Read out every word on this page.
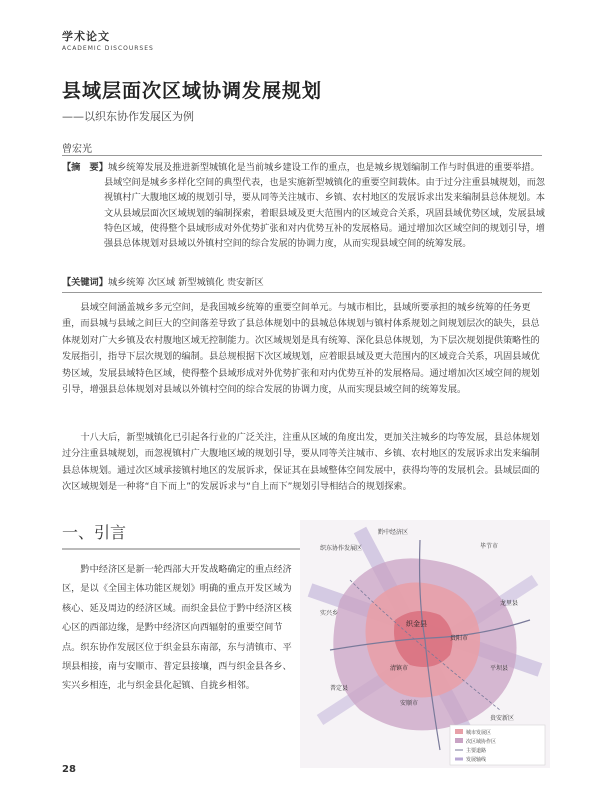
学术论文
ACADEMIC DISCOURSES
县域层面次区域协调发展规划
——以织东协作发展区为例
曾宏光

【摘　要】城乡统筹发展及推进新型城镇化是当前城乡建设工作的重点，也是城乡规划编制工作与时俱进的重要举措。

县域空间是城乡多样化空间的典型代表，也是实施新型城镇化的重要空间载体。由于过分注重县城规划，而忽

视镇村广大腹地区域的规划引导，要从同等关注城市、乡镇、农村地区的发展诉求出发来编制县总体规划。本

文从县域层面次区域规划的编制探索，着眼县域及更大范围内的区域竞合关系，巩固县域优势区域，发展县域

特色区域，使得整个县域形成对外优势扩张和对内优势互补的发展格局。通过增加次区域空间的规划引导，增

强县总体规划对县域以外镇村空间的综合发展的协调力度，从而实现县域空间的统筹发展。

【关键词】城乡统筹 次区域 新型城镇化 贵安新区

县域空间涵盖城乡多元空间，是我国城乡统筹的重要空间单元。与城市相比，县域所要承担的城乡统筹的任务更重，而县城与县域之间巨大的空间落差导致了县总体规划中的县城总体规划与镇村体系规划之间规划层次的缺失，县总体规划对广大乡镇及农村腹地区域无控制能力。次区域规划是具有统筹、深化县总体规划，为下层次规划提供策略性的发展指引，指导下层次规划的编制。县总规根据下次区域规划，应着眼县域及更大范围内的区域竞合关系，巩固县域优势区域，发展县域特色区域，使得整个县域形成对外优势扩张和对内优势互补的发展格局。通过增加次区域空间的规划引导，增强县总体规划对县域以外镇村空间的综合发展的协调力度，从而实现县域空间的统筹发展。

十八大后，新型城镇化已引起各行业的广泛关注，注重从区域的角度出发，更加关注城乡的均等发展，县总体规划过分注重县城规划，而忽视镇村广大腹地区域的规划引导，要从同等关注城市、乡镇、农村地区的发展诉求出发来编制县总体规划。通过次区域承接镇村地区的发展诉求，保证其在县域整体空间发展中，获得均等的发展机会。县域层面的次区域规划是一种将“自下而上”的发展诉求与“自上而下”规划引导相结合的规划探索。

一、引言

黔中经济区是新一轮西部大开发战略确定的重点经济区，是以《全国主体功能区规划》明确的重点开发区域为核心、延及周边的经济区域。而织金县位于黔中经济区核心区的西部边缘，是黔中经济区向西辐射的重要空间节点。织东协作发展区位于织金县东南部，东与清镇市、平坝县相接，南与安顺市、普定县接壤，西与织金县各乡、实兴乡相连，北与织金县化起镇、自拢乡相邻。

黔中经济区
织东协作发展区	毕节市
织金县
贵阳市
清镇市	平坝县
安顺市
普定县
实兴乡
贵安新区
龙里县
城市发展区
次区域协作区
主要道路
发展轴线
28
